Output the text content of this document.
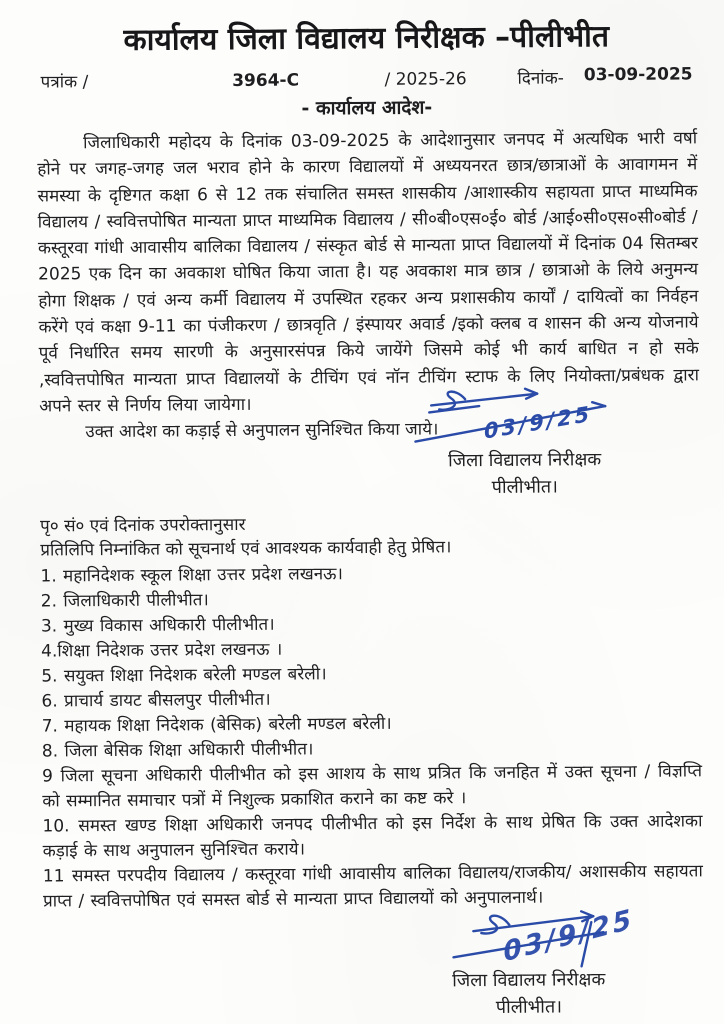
कार्यालय जिला विद्यालय निरीक्षक –पीलीभीत
पत्रांक /	3964-C	/ 2025-26	दिनांक- 03-09-2025
- कार्यालय आदेश-

जिलाधिकारी महोदय के दिनांक 03-09-2025 के आदेशानुसार जनपद में अत्यधिक भारी वर्षा होने पर जगह-जगह जल भराव होने के कारण विद्यालयों में अध्ययनरत छात्र/छात्राओं के आवागमन में समस्या के दृष्टिगत कक्षा 6 से 12 तक संचालित समस्त शासकीय /आशास्कीय सहायता प्राप्त माध्यमिक विद्यालय / स्ववित्तपोषित मान्यता प्राप्त माध्यमिक विद्यालय / सी०बी०एस०ई० बोर्ड /आई०सी०एस०सी०बोर्ड / कस्तूरवा गांधी आवासीय बालिका विद्यालय / संस्कृत बोर्ड से मान्यता प्राप्त विद्यालयों में दिनांक 04 सितम्बर 2025 एक दिन का अवकाश घोषित किया जाता है। यह अवकाश मात्र छात्र / छात्राओ के लिये अनुमन्य होगा शिक्षक / एवं अन्य कर्मी विद्यालय में उपस्थित रहकर अन्य प्रशासकीय कार्यों / दायित्वों का निर्वहन करेंगे एवं कक्षा 9-11 का पंजीकरण / छात्रवृति / इंस्पायर अवार्ड /इको क्लब व शासन की अन्य योजनाये पूर्व निर्धारित समय सारणी के अनुसारसंपन्न किये जायेंगे जिसमे कोई भी कार्य बाधित न हो सके ,स्ववित्तपोषित मान्यता प्राप्त विद्यालयों के टीचिंग एवं नॉन टीचिंग स्टाफ के लिए नियोक्ता/प्रबंधक द्वारा अपने स्तर से निर्णय लिया जायेगा।

उक्त आदेश का कड़ाई से अनुपालन सुनिश्चित किया जाये।	03/9/25
जिला विद्यालय निरीक्षक
पीलीभीत।

पृ० सं० एवं दिनांक उपरोक्तानुसार

प्रतिलिपि निम्नांकित को सूचनार्थ एवं आवश्यक कार्यवाही हेतु प्रेषित।

1. महानिदेशक स्कूल शिक्षा उत्तर प्रदेश लखनऊ।
2. जिलाधिकारी पीलीभीत।
3. मुख्य विकास अधिकारी पीलीभीत।
4.शिक्षा निदेशक उत्तर प्रदेश लखनऊ ।
5. सयुक्त शिक्षा निदेशक बरेली मण्डल बरेली।
6. प्राचार्य डायट बीसलपुर पीलीभीत।
7. महायक शिक्षा निदेशक (बेसिक) बरेली मण्डल बरेली।
8. जिला बेसिक शिक्षा अधिकारी पीलीभीत।
9 जिला सूचना अधिकारी पीलीभीत को इस आशय के साथ प्रत्रित कि जनहित में उक्त सूचना / विज्ञप्ति को सम्मानित समाचार पत्रों में निशुल्क प्रकाशित कराने का कष्ट करे ।
10. समस्त खण्ड शिक्षा अधिकारी जनपद पीलीभीत को इस निर्देश के साथ प्रेषित कि उक्त आदेशका कड़ाई के साथ अनुपालन सुनिश्चित कराये।
11 समस्त परपदीय विद्यालय / कस्तूरवा गांधी आवासीय बालिका विद्यालय/राजकीय/ अशासकीय सहायता प्राप्त / स्ववित्तपोषित एवं समस्त बोर्ड से मान्यता प्राप्त विद्यालयों को अनुपालनार्थ।
03/9/25
जिला विद्यालय निरीक्षक
पीलीभीत।
